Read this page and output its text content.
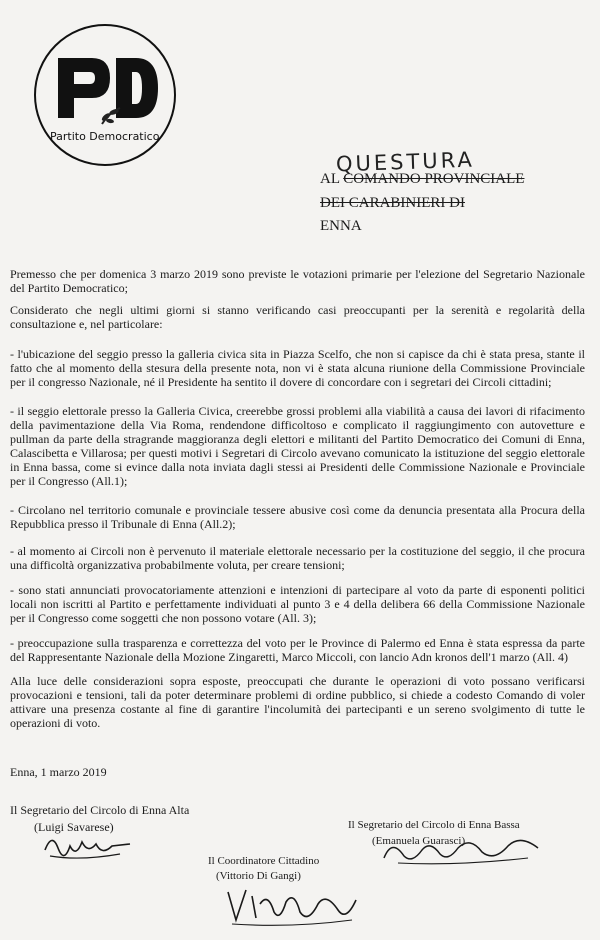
Partito Democratico
QUESTURA
AL COMANDO PROVINCIALE
DEI CARABINIERI DI
ENNA

Premesso che per domenica 3 marzo 2019 sono previste le votazioni primarie per l'elezione del Segretario Nazionale del Partito Democratico;

Considerato che negli ultimi giorni si stanno verificando casi preoccupanti per la serenità e regolarità della consultazione e, nel particolare:

- l'ubicazione del seggio presso la galleria civica sita in Piazza Scelfo, che non si capisce da chi è stata presa, stante il fatto che al momento della stesura della presente nota, non vi è stata alcuna riunione della Commissione Provinciale per il congresso Nazionale, né il Presidente ha sentito il dovere di concordare con i segretari dei Circoli cittadini;

- il seggio elettorale presso la Galleria Civica, creerebbe grossi problemi alla viabilità a causa dei lavori di rifacimento della pavimentazione della Via Roma, rendendone difficoltoso e complicato il raggiungimento con autovetture e pullman da parte della stragrande maggioranza degli elettori e militanti del Partito Democratico dei Comuni di Enna, Calascibetta e Villarosa; per questi motivi i Segretari di Circolo avevano comunicato la istituzione del seggio elettorale in Enna bassa, come si evince dalla nota inviata dagli stessi ai Presidenti delle Commissione Nazionale e Provinciale per il Congresso (All.1);

- Circolano nel territorio comunale e provinciale tessere abusive così come da denuncia presentata alla Procura della Repubblica presso il Tribunale di Enna (All.2);

- al momento ai Circoli non è pervenuto il materiale elettorale necessario per la costituzione del seggio, il che procura una difficoltà organizzativa probabilmente voluta, per creare tensioni;

- sono stati annunciati provocatoriamente attenzioni e intenzioni di partecipare al voto da parte di esponenti politici locali non iscritti al Partito e perfettamente individuati al punto 3 e 4 della delibera 66 della Commissione Nazionale per il Congresso come soggetti che non possono votare (All. 3);

- preoccupazione sulla trasparenza e correttezza del voto per le Province di Palermo ed Enna è stata espressa da parte del Rappresentante Nazionale della Mozione Zingaretti, Marco Miccoli, con lancio Adn kronos dell'1 marzo (All. 4)

Alla luce delle considerazioni sopra esposte, preoccupati che durante le operazioni di voto possano verificarsi provocazioni e tensioni, tali da poter determinare problemi di ordine pubblico, si chiede a codesto Comando di voler attivare una presenza costante al fine di garantire l'incolumità dei partecipanti e un sereno svolgimento di tutte le operazioni di voto.

Enna, 1 marzo 2019
Il Segretario del Circolo di Enna Alta
(Luigi Savarese)	Il Segretario del Circolo di Enna Bassa
(Emanuela Guarasci)
Il Coordinatore Cittadino
(Vittorio Di Gangi)
